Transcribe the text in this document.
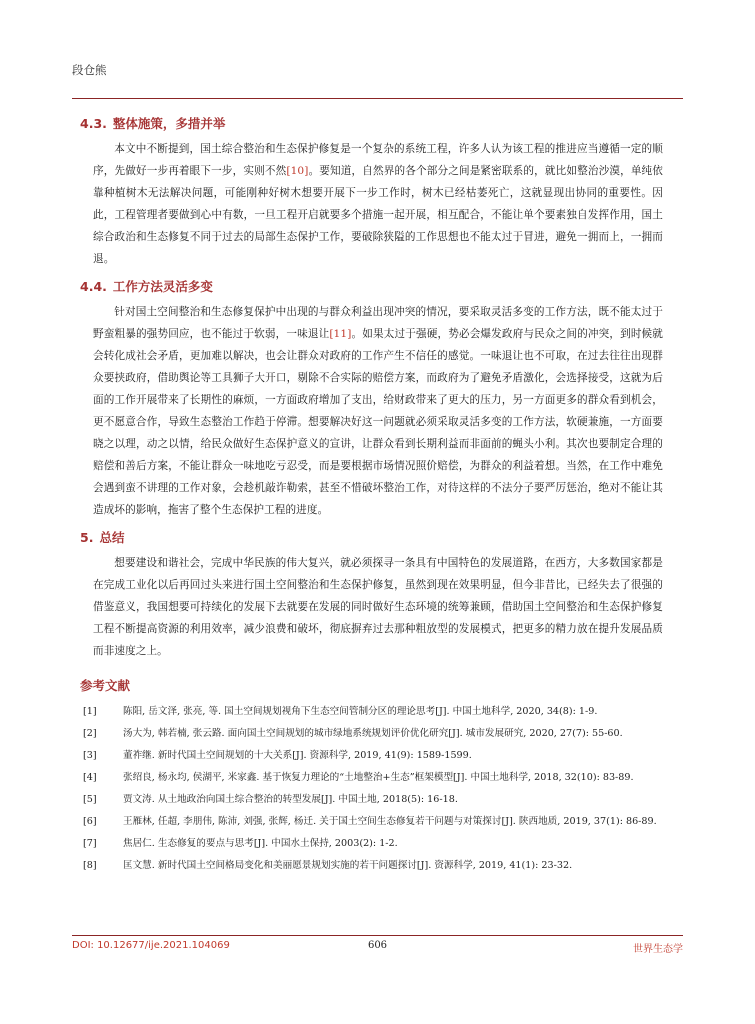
段仓熊
4.3. 整体施策，多措并举

本文中不断提到，国土综合整治和生态保护修复是一个复杂的系统工程，许多人认为该工程的推进应当遵循一定的顺序，先做好一步再着眼下一步，实则不然[10]。要知道，自然界的各个部分之间是紧密联系的，就比如整治沙漠，单纯依靠种植树木无法解决问题，可能刚种好树木想要开展下一步工作时，树木已经枯萎死亡，这就显现出协同的重要性。因此，工程管理者要做到心中有数，一旦工程开启就要多个措施一起开展，相互配合，不能让单个要素独自发挥作用，国土综合政治和生态修复不同于过去的局部生态保护工作，要破除狭隘的工作思想也不能太过于冒进，避免一拥而上，一拥而退。

4.4. 工作方法灵活多变

针对国土空间整治和生态修复保护中出现的与群众利益出现冲突的情况，要采取灵活多变的工作方法，既不能太过于野蛮粗暴的强势回应，也不能过于软弱，一味退让[11]。如果太过于强硬，势必会爆发政府与民众之间的冲突，到时候就会转化成社会矛盾，更加难以解决，也会让群众对政府的工作产生不信任的感觉。一味退让也不可取，在过去往往出现群众要挟政府，借助舆论等工具狮子大开口，剔除不合实际的赔偿方案，而政府为了避免矛盾激化，会选择接受，这就为后面的工作开展带来了长期性的麻烦，一方面政府增加了支出，给财政带来了更大的压力，另一方面更多的群众看到机会，更不愿意合作，导致生态整治工作趋于停滞。想要解决好这一问题就必须采取灵活多变的工作方法，软硬兼施，一方面要晓之以理，动之以情，给民众做好生态保护意义的宣讲，让群众看到长期利益而非面前的蝇头小利。其次也要制定合理的赔偿和善后方案，不能让群众一味地吃亏忍受，而是要根据市场情况照价赔偿，为群众的利益着想。当然，在工作中难免会遇到蛮不讲理的工作对象，会趁机敲诈勒索，甚至不惜破坏整治工作，对待这样的不法分子要严厉惩治，绝对不能让其造成坏的影响，拖害了整个生态保护工程的进度。

5. 总结

想要建设和谐社会，完成中华民族的伟大复兴，就必须探寻一条具有中国特色的发展道路，在西方，大多数国家都是在完成工业化以后再回过头来进行国土空间整治和生态保护修复，虽然到现在效果明显，但今非昔比，已经失去了很强的借鉴意义，我国想要可持续化的发展下去就要在发展的同时做好生态环境的统筹兼顾，借助国土空间整治和生态保护修复工程不断提高资源的利用效率，减少浪费和破坏，彻底摒弃过去那种粗放型的发展模式，把更多的精力放在提升发展品质而非速度之上。

参考文献
[1]	陈阳, 岳文泽, 张亮, 等. 国土空间规划视角下生态空间管制分区的理论思考[J]. 中国土地科学, 2020, 34(8): 1-9.
[2]	汤大为, 韩若楠, 张云路. 面向国土空间规划的城市绿地系统规划评价优化研究[J]. 城市发展研究, 2020, 27(7): 55-60.
[3]	董祚继. 新时代国土空间规划的十大关系[J]. 资源科学, 2019, 41(9): 1589-1599.
[4]	张绍良, 杨永均, 侯湖平, 米家鑫. 基于恢复力理论的“土地整治+生态”框架模型[J]. 中国土地科学, 2018, 32(10): 83-89.
[5]	贾文涛. 从土地政治向国土综合整治的转型发展[J]. 中国土地, 2018(5): 16-18.
[6]	王雁林, 任超, 李朋伟, 陈沛, 刘强, 张辉, 杨迁. 关于国土空间生态修复若干问题与对策探讨[J]. 陕西地质, 2019, 37(1): 86-89.
[7]	焦居仁. 生态修复的要点与思考[J]. 中国水土保持, 2003(2): 1-2.
[8]	匡文慧. 新时代国土空间格局变化和美丽愿景规划实施的若干问题探讨[J]. 资源科学, 2019, 41(1): 23-32.
DOI: 10.12677/ije.2021.104069	606	世界生态学
